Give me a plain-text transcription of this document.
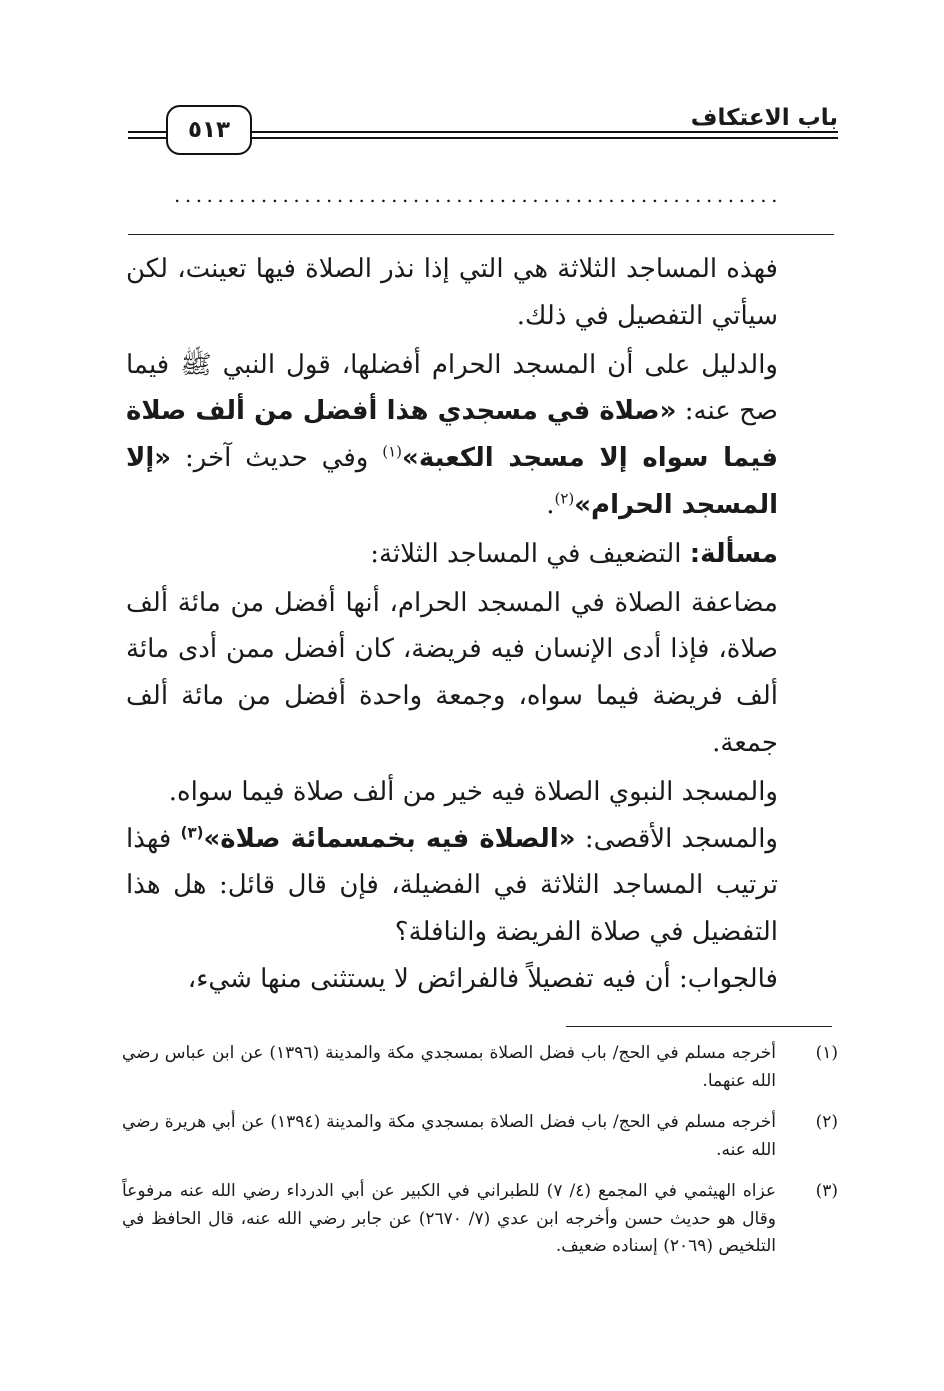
باب الاعتكاف
٥١٣
........................................................

فهذه المساجد الثلاثة هي التي إذا نذر الصلاة فيها تعينت، لكن سيأتي التفصيل في ذلك.

والدليل على أن المسجد الحرام أفضلها، قول النبي ﷺ فيما صح عنه: «صلاة في مسجدي هذا أفضل من ألف صلاة فيما سواه إلا مسجد الكعبة»$^{(١)}$ وفي حديث آخر: «إلا المسجد الحرام»$^{(٢)}$.

مسألة: التضعيف في المساجد الثلاثة:

مضاعفة الصلاة في المسجد الحرام، أنها أفضل من مائة ألف صلاة، فإذا أدى الإنسان فيه فريضة، كان أفضل ممن أدى مائة ألف فريضة فيما سواه، وجمعة واحدة أفضل من مائة ألف جمعة.

والمسجد النبوي الصلاة فيه خير من ألف صلاة فيما سواه.

والمسجد الأقصى: «الصلاة فيه بخمسمائة صلاة»$^{(٣)}$ فهذا ترتيب المساجد الثلاثة في الفضيلة، فإن قال قائل: هل هذا التفضيل في صلاة الفريضة والنافلة؟

فالجواب: أن فيه تفصيلاً فالفرائض لا يستثنى منها شيء،

(١)
أخرجه مسلم في الحج/ باب فضل الصلاة بمسجدي مكة والمدينة (١٣٩٦) عن ابن عباس رضي الله عنهما.
(٢)
أخرجه مسلم في الحج/ باب فضل الصلاة بمسجدي مكة والمدينة (١٣٩٤) عن أبي هريرة رضي الله عنه.
(٣)
عزاه الهيثمي في المجمع (٤/ ٧) للطبراني في الكبير عن أبي الدرداء رضي الله عنه مرفوعاً وقال هو حديث حسن وأخرجه ابن عدي (٧/ ٢٦٧٠) عن جابر رضي الله عنه، قال الحافظ في التلخيص (٢٠٦٩) إسناده ضعيف.
